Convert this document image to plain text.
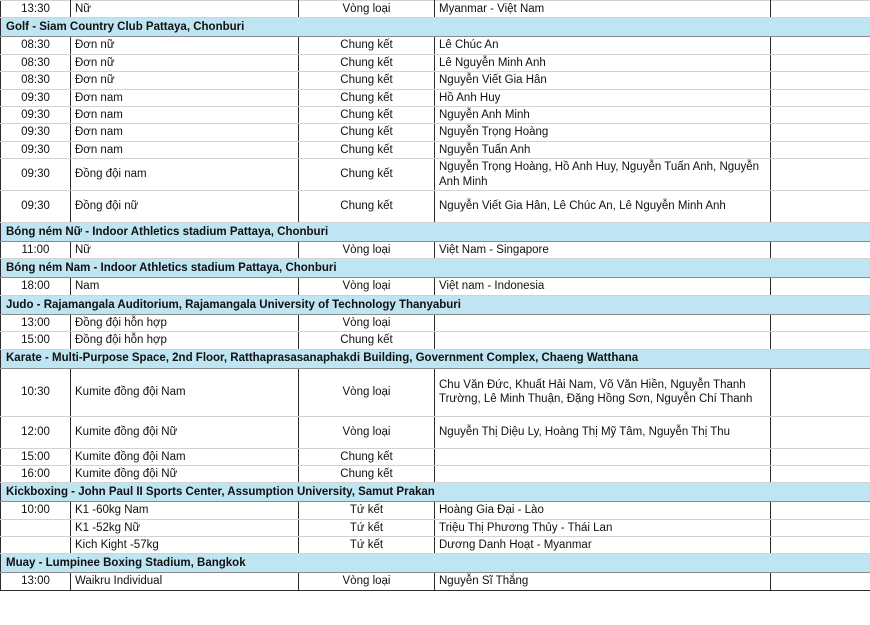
13:30	Nữ	Vòng loại	Myanmar - Việt Nam	
Golf - Siam Country Club Pattaya, Chonburi				
08:30	Đơn nữ	Chung kết	Lê Chúc An	
08:30	Đơn nữ	Chung kết	Lê Nguyễn Minh Anh	
08:30	Đơn nữ	Chung kết	Nguyễn Viết Gia Hân	
09:30	Đơn nam	Chung kết	Hồ Anh Huy	
09:30	Đơn nam	Chung kết	Nguyễn Anh Minh	
09:30	Đơn nam	Chung kết	Nguyễn Trọng Hoàng	
09:30	Đơn nam	Chung kết	Nguyễn Tuấn Anh	
09:30	Đồng đội nam	Chung kết	Nguyễn Trọng Hoàng, Hồ Anh Huy, Nguyễn Tuấn Anh, Nguyễn Anh Minh	
09:30	Đồng đội nữ	Chung kết	Nguyễn Viết Gia Hân, Lê Chúc An, Lê Nguyễn Minh Anh	
Bóng ném Nữ - Indoor Athletics stadium Pattaya, Chonburi				
11:00	Nữ	Vòng loại	Việt Nam - Singapore	
Bóng ném Nam - Indoor Athletics stadium Pattaya, Chonburi				
18:00	Nam	Vòng loại	Việt nam - Indonesia	
Judo - Rajamangala Auditorium, Rajamangala University of Technology Thanyaburi				
13:00	Đồng đội hỗn hợp	Vòng loại		
15:00	Đồng đội hỗn hợp	Chung kết		
Karate - Multi-Purpose Space, 2nd Floor, Ratthaprasasanaphakdi Building, Government Complex, Chaeng Watthana				
10:30	Kumite đồng đội Nam	Vòng loại	Chu Văn Đức, Khuất Hải Nam, Võ Văn Hiền, Nguyễn Thanh Trường, Lê Minh Thuận, Đặng Hồng Sơn, Nguyễn Chí Thanh	
12:00	Kumite đồng đội Nữ	Vòng loại	Nguyễn Thị Diệu Ly, Hoàng Thị Mỹ Tâm, Nguyễn Thị Thu	
15:00	Kumite đồng đội Nam	Chung kết		
16:00	Kumite đồng đội Nữ	Chung kết		
Kickboxing - John Paul II Sports Center, Assumption University, Samut Prakan				
10:00	K1 -60kg Nam	Tứ kết	Hoàng Gia Đại - Lào	
	K1 -52kg Nữ	Tứ kết	Triệu Thị Phương Thủy - Thái Lan	
	Kich Kight -57kg	Tứ kết	Dương Danh Hoạt - Myanmar	
Muay - Lumpinee Boxing Stadium, Bangkok				
13:00	Waikru Individual	Vòng loại	Nguyễn Sĩ Thắng	
